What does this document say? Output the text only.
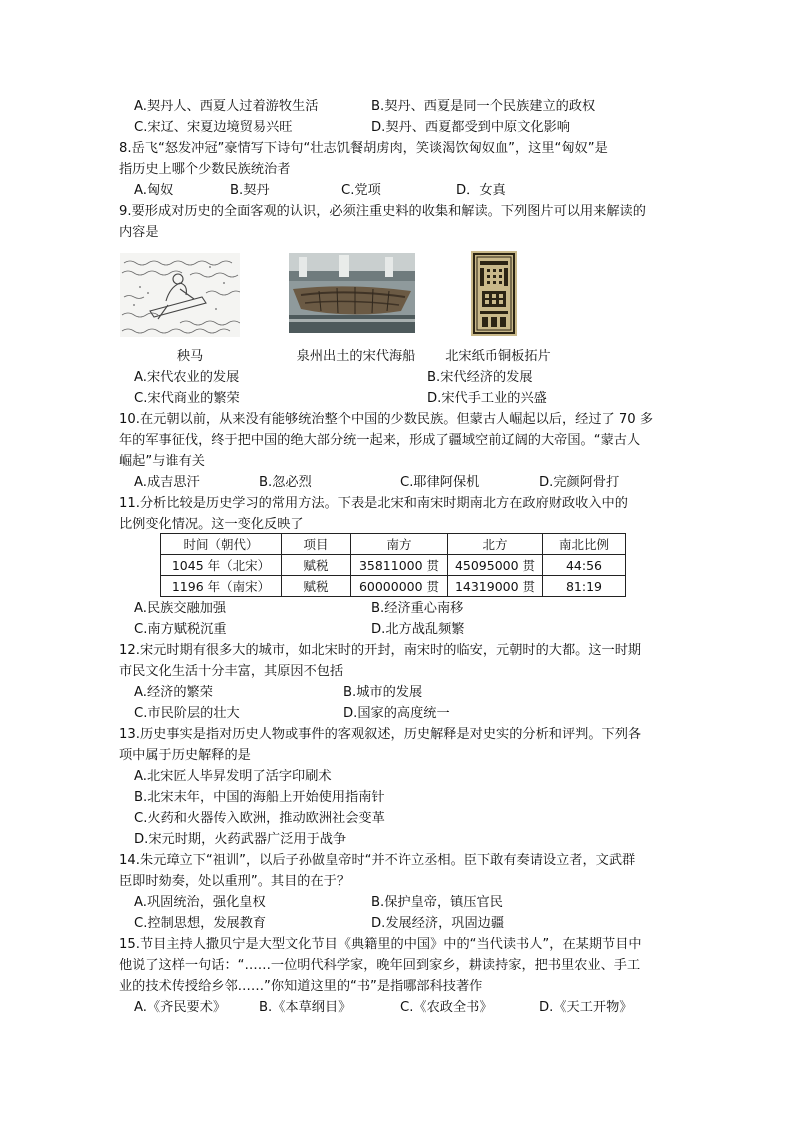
A.契丹人、西夏人过着游牧生活	B.契丹、西夏是同一个民族建立的政权
C.宋辽、宋夏边境贸易兴旺	D.契丹、西夏都受到中原文化影响
8.岳飞“怒发冲冠”豪情写下诗句“壮志饥餐胡虏肉，笑谈渴饮匈奴血”，这里“匈奴”是
指历史上哪个少数民族统治者
A.匈奴	B.契丹	C.党项	D．女真
9.要形成对历史的全面客观的认识，必须注重史料的收集和解读。下列图片可以用来解读的
内容是
秧马	泉州出土的宋代海船	北宋纸币铜板拓片
A.宋代农业的发展	B.宋代经济的发展
C.宋代商业的繁荣	D.宋代手工业的兴盛
10.在元朝以前，从来没有能够统治整个中国的少数民族。但蒙古人崛起以后，经过了 70 多
年的军事征伐，终于把中国的绝大部分统一起来，形成了疆域空前辽阔的大帝国。“蒙古人
崛起”与谁有关
A.成吉思汗	B.忽必烈	C.耶律阿保机	D.完颜阿骨打
11.分析比较是历史学习的常用方法。下表是北宋和南宋时期南北方在政府财政收入中的
比例变化情况。这一变化反映了
时间（朝代）	项目	南方	北方	南北比例
1045 年（北宋）	赋税	35811000 贯	45095000 贯	44:56
1196 年（南宋）	赋税	60000000 贯	14319000 贯	81:19
A.民族交融加强	B.经济重心南移
C.南方赋税沉重	D.北方战乱频繁
12.宋元时期有很多大的城市，如北宋时的开封，南宋时的临安，元朝时的大都。这一时期
市民文化生活十分丰富，其原因不包括
A.经济的繁荣	B.城市的发展
C.市民阶层的壮大	D.国家的高度统一
13.历史事实是指对历史人物或事件的客观叙述，历史解释是对史实的分析和评判。下列各
项中属于历史解释的是
A.北宋匠人毕昇发明了活字印刷术
B.北宋末年，中国的海船上开始使用指南针
C.火药和火器传入欧洲，推动欧洲社会变革
D.宋元时期，火药武器广泛用于战争
14.朱元璋立下“祖训”，以后子孙做皇帝时“并不许立丞相。臣下敢有奏请设立者，文武群
臣即时劾奏，处以重刑”。其目的在于？
A.巩固统治，强化皇权	B.保护皇帝，镇压官民
C.控制思想，发展教育	D.发展经济，巩固边疆
15.节目主持人撒贝宁是大型文化节目《典籍里的中国》中的“当代读书人”，在某期节目中
他说了这样一句话：“……一位明代科学家，晚年回到家乡，耕读持家，把书里农业、手工
业的技术传授给乡邻……”你知道这里的“书”是指哪部科技著作
A.《齐民要术》 B.《本草纲目》	C.《农政全书》	D.《天工开物》
